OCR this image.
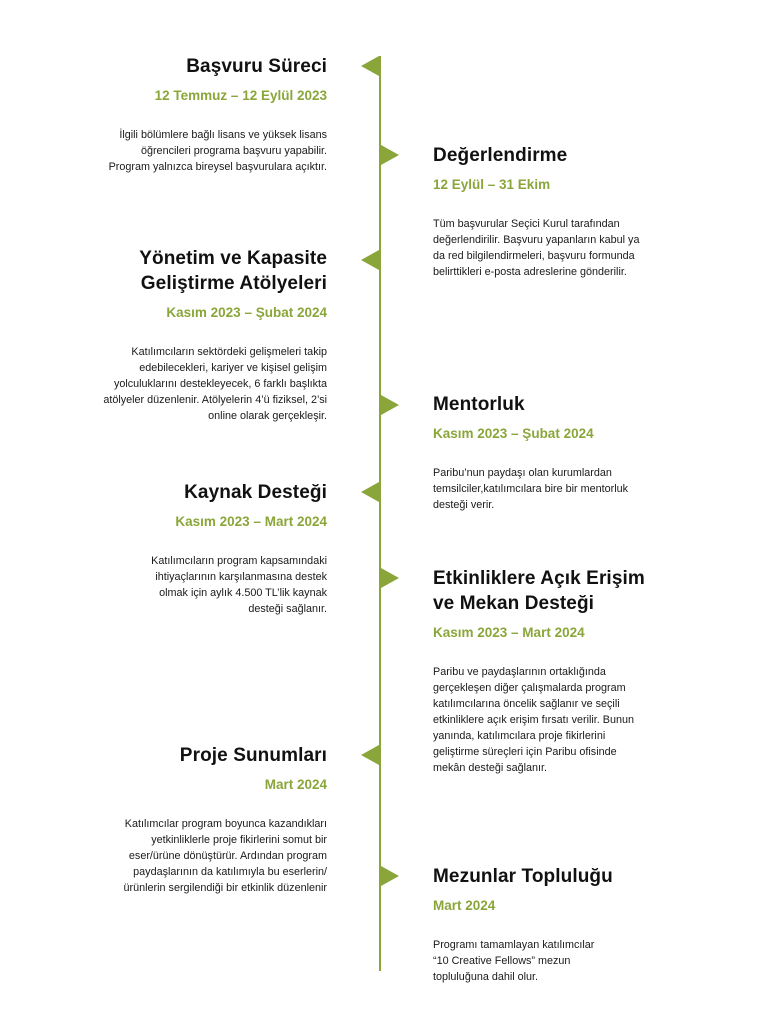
Başvuru Süreci

12 Temmuz – 12 Eylül 2023

İlgili bölümlere bağlı lisans ve yüksek lisans
öğrencileri programa başvuru yapabilir.
Program yalnızca bireysel başvurulara açıktır.

Değerlendirme

12 Eylül – 31 Ekim

Tüm başvurular Seçici Kurul tarafından
değerlendirilir. Başvuru yapanların kabul ya
da red bilgilendirmeleri, başvuru formunda
belirttikleri e-posta adreslerine gönderilir.

Yönetim ve Kapasite
Geliştirme Atölyeleri

Kasım 2023 – Şubat 2024

Katılımcıların sektördeki gelişmeleri takip
edebilecekleri, kariyer ve kişisel gelişim
yolculuklarını destekleyecek, 6 farklı başlıkta
atölyeler düzenlenir. Atölyelerin 4’ü fiziksel, 2’si
online olarak gerçekleşir.

Mentorluk

Kasım 2023 – Şubat 2024

Paribu’nun paydaşı olan kurumlardan
temsilciler,katılımcılara bire bir mentorluk
desteği verir.

Kaynak Desteği

Kasım 2023 – Mart 2024

Katılımcıların program kapsamındaki
ihtiyaçlarının karşılanmasına destek
olmak için aylık 4.500 TL’lik kaynak
desteği sağlanır.

Etkinliklere Açık Erişim
ve Mekan Desteği

Kasım 2023 – Mart 2024

Paribu ve paydaşlarının ortaklığında
gerçekleşen diğer çalışmalarda program
katılımcılarına öncelik sağlanır ve seçili
etkinliklere açık erişim fırsatı verilir. Bunun
yanında, katılımcılara proje fikirlerini
geliştirme süreçleri için Paribu ofisinde
mekân desteği sağlanır.

Proje Sunumları

Mart 2024

Katılımcılar program boyunca kazandıkları
yetkinliklerle proje fikirlerini somut bir
eser/ürüne dönüştürür. Ardından program
paydaşlarının da katılımıyla bu eserlerin/
ürünlerin sergilendiği bir etkinlik düzenlenir

Mezunlar Topluluğu

Mart 2024

Programı tamamlayan katılımcılar
“10 Creative Fellows” mezun
topluluğuna dahil olur.
